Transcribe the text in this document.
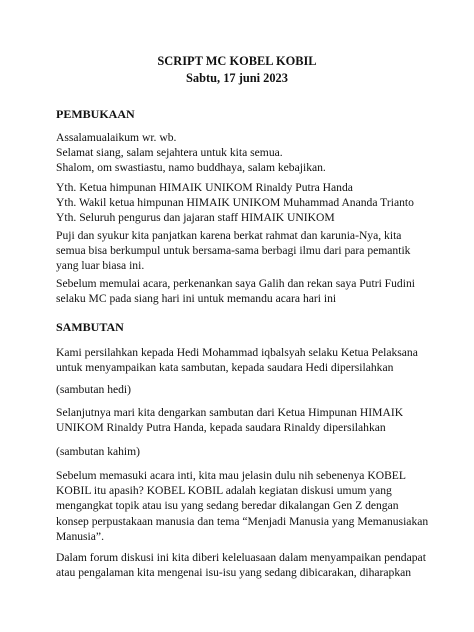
SCRIPT MC KOBEL KOBIL
Sabtu, 17 juni 2023
PEMBUKAAN
Assalamualaikum wr. wb.
Selamat siang, salam sejahtera untuk kita semua.
Shalom, om swastiastu, namo buddhaya, salam kebajikan.
Yth. Ketua himpunan HIMAIK UNIKOM Rinaldy Putra Handa
Yth. Wakil ketua himpunan HIMAIK UNIKOM Muhammad Ananda Trianto
Yth. Seluruh pengurus dan jajaran staff HIMAIK UNIKOM
Puji dan syukur kita panjatkan karena berkat rahmat dan karunia-Nya, kita
semua bisa berkumpul untuk bersama-sama berbagi ilmu dari para pemantik
yang luar biasa ini.
Sebelum memulai acara, perkenankan saya Galih dan rekan saya Putri Fudini
selaku MC pada siang hari ini untuk memandu acara hari ini
SAMBUTAN
Kami persilahkan kepada Hedi Mohammad iqbalsyah selaku Ketua Pelaksana
untuk menyampaikan kata sambutan, kepada saudara Hedi dipersilahkan
(sambutan hedi)
Selanjutnya mari kita dengarkan sambutan dari Ketua Himpunan HIMAIK
UNIKOM Rinaldy Putra Handa, kepada saudara Rinaldy dipersilahkan
(sambutan kahim)
Sebelum memasuki acara inti, kita mau jelasin dulu nih sebenenya KOBEL
KOBIL itu apasih? KOBEL KOBIL adalah kegiatan diskusi umum yang
mengangkat topik atau isu yang sedang beredar dikalangan Gen Z dengan
konsep perpustakaan manusia dan tema “Menjadi Manusia yang Memanusiakan
Manusia”.
Dalam forum diskusi ini kita diberi keleluasaan dalam menyampaikan pendapat
atau pengalaman kita mengenai isu-isu yang sedang dibicarakan, diharapkan
